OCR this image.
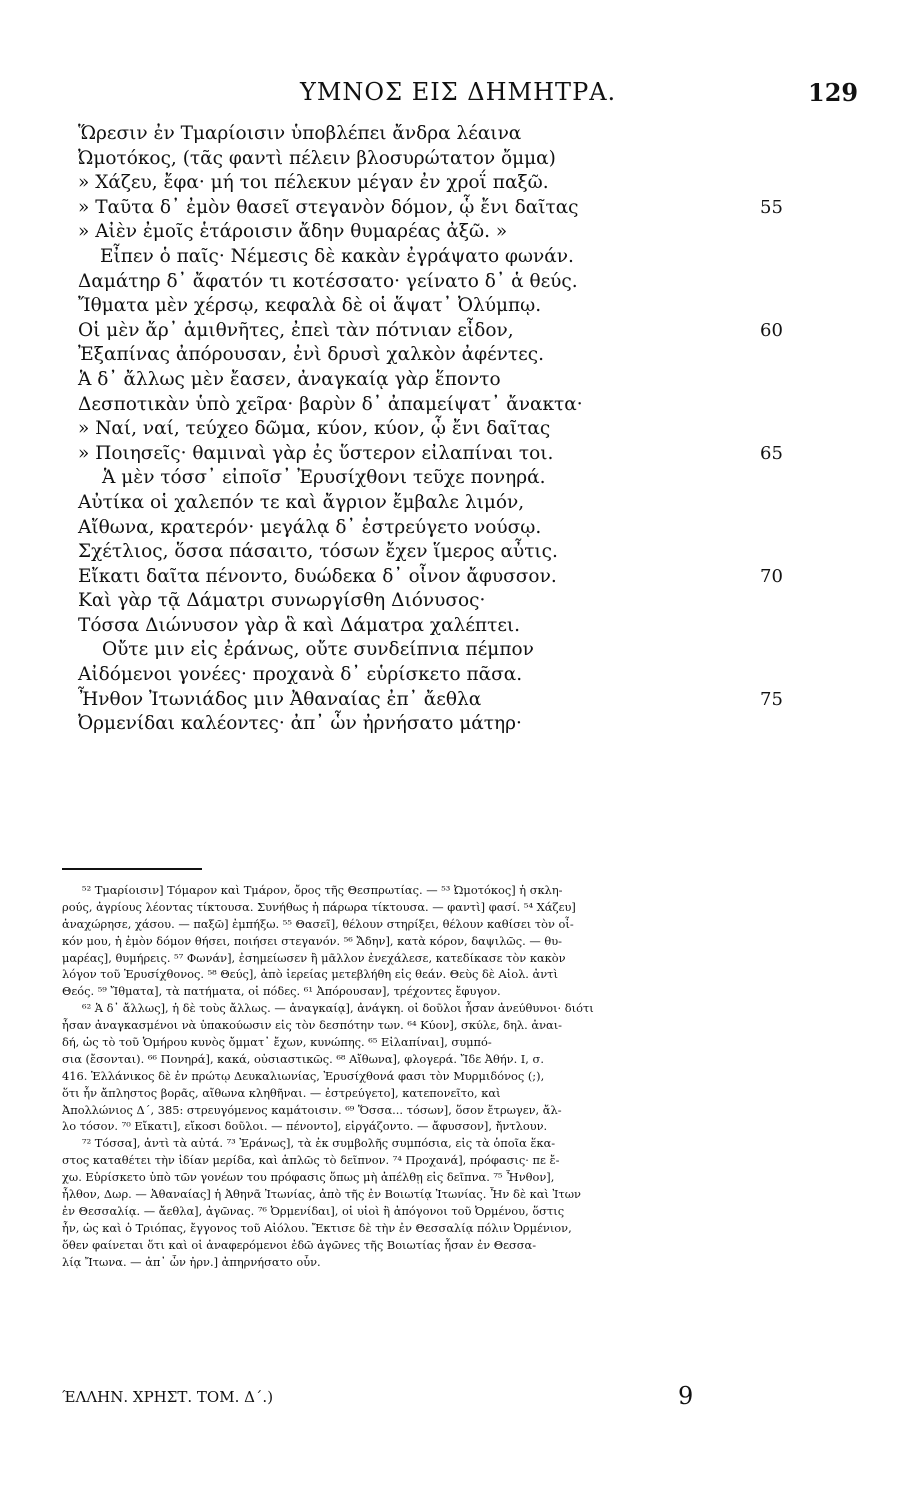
ΥΜΝΟΣ ΕΙΣ ΔΗΜΗΤΡΑ.	129
Ὥρεσιν ἐν Τμαρίοισιν ὑποβλέπει ἄνδρα λέαινα
Ὠμοτόκος, (τᾶς φαντὶ πέλειν βλοσυρώτατον ὄμμα)
» Χάζευ, ἔφα· μή τοι πέλεκυν μέγαν ἐν χροΐ παξῶ.
» Ταῦτα δ᾽ ἐμὸν θασεῖ στεγανὸν δόμον, ᾧ ἔνι δαῖτας	55
» Αἰὲν ἐμοῖς ἑτάροισιν ἄδην θυμαρέας ἀξῶ. »
Εἶπεν ὁ παῖς· Νέμεσις δὲ κακὰν ἐγράψατο φωνάν.
Δαμάτηρ δ᾽ ἄφατόν τι κοτέσσατο· γείνατο δ᾽ ἁ θεύς.
Ἴθματα μὲν χέρσῳ, κεφαλὰ δὲ οἱ ἅψατ᾽ Ὀλύμπῳ.
Οἱ μὲν ἄρ᾽ ἀμιθνῆτες, ἐπεὶ τὰν πότνιαν εἶδον,	60
Ἐξαπίνας ἀπόρουσαν, ἐνὶ δρυσὶ χαλκὸν ἀφέντες.
Ἁ δ᾽ ἄλλως μὲν ἔασεν, ἀναγκαίᾳ γὰρ ἕποντο
Δεσποτικὰν ὑπὸ χεῖρα· βαρὺν δ᾽ ἀπαμείψατ᾽ ἄνακτα·
» Ναί, ναί, τεύχεο δῶμα, κύον, κύον, ᾧ ἔνι δαῖτας
» Ποιησεῖς· θαμιναὶ γὰρ ἐς ὕστερον εἰλαπίναι τοι.	65
Ἁ μὲν τόσσ᾽ εἰποῖσ᾽ Ἐρυσίχθονι τεῦχε πονηρά.
Αὐτίκα οἱ χαλεπόν τε καὶ ἄγριον ἔμβαλε λιμόν,
Αἴθωνα, κρατερόν· μεγάλᾳ δ᾽ ἐστρεύγετο νούσῳ.
Σχέτλιος, ὅσσα πάσαιτο, τόσων ἔχεν ἵμερος αὖτις.
Εἴκατι δαῖτα πένοντο, δυώδεκα δ᾽ οἶνον ἄφυσσον.	70
Καὶ γὰρ τᾷ Δάματρι συνωργίσθη Διόνυσος·
Τόσσα Διώνυσον γὰρ ἃ καὶ Δάματρα χαλέπτει.
Οὔτε μιν εἰς ἐράνως, οὔτε συνδείπνια πέμπον
Αἰδόμενοι γονέες· προχανὰ δ᾽ εὑρίσκετο πᾶσα.
Ἦνθον Ἰτωνιάδος μιν Ἀθαναίας ἐπ᾽ ἄεθλα	75
Ὀρμενίδαι καλέοντες· ἀπ᾽ ὧν ἠρνήσατο μάτηρ·
⁵² Τμαρίοισιν] Τόμαρον καὶ Τμάρον, ὄρος τῆς Θεσπρωτίας. — ⁵³ Ὠμοτόκος] ἡ σκλη-
ρούς, ἀγρίους λέοντας τίκτουσα. Συνήθως ἡ πάρωρα τίκτουσα. — φαντὶ] φασί. ⁵⁴ Χάζευ]
ἀναχώρησε, χάσου. — παξῶ] ἐμπήξω. ⁵⁵ Θασεῖ], θέλουν στηρίξει, θέλουν καθίσει τὸν οἶ-
κόν μου, ἡ ἐμὸν δόμον θήσει, ποιήσει στεγανόν. ⁵⁶ Ἄδην], κατὰ κόρον, δαψιλῶς. — θυ-
μαρέας], θυμήρεις. ⁵⁷ Φωνάν], ἐσημείωσεν ἢ μᾶλλον ἐνεχάλεσε, κατεδίκασε τὸν κακὸν
λόγον τοῦ Ἐρυσίχθονος. ⁵⁸ Θεύς], ἀπὸ ἱερείας μετεβλήθη εἰς θεάν. Θεὺς δὲ Αἰολ. ἀντὶ
Θεός. ⁵⁹ Ἴθματα], τὰ πατήματα, οἱ πόδες. ⁶¹ Ἀπόρουσαν], τρέχοντες ἔφυγον.
⁶² Ἁ δ᾽ ἄλλως], ἡ δὲ τοὺς ἄλλως. — ἀναγκαίᾳ], ἀνάγκη. οἱ δοῦλοι ἦσαν ἀνεύθυνοι· διότι
ἦσαν ἀναγκασμένοι νὰ ὑπακούωσιν εἰς τὸν δεσπότην των. ⁶⁴ Κύον], σκύλε, δηλ. ἀναι-
δή, ὡς τὸ τοῦ Ὁμήρου κυνὸς ὄμματ᾽ ἔχων, κυνώπης. ⁶⁵ Εἰλαπίναι], συμπό-
σια (ἔσονται). ⁶⁶ Πονηρά], κακά, οὐσιαστικῶς. ⁶⁸ Αἴθωνα], φλογερά. Ἴδε Ἀθήν. Ι, σ.
416. Ἑλλάνικος δὲ ἐν πρώτῳ Δευκαλιωνίας, Ἐρυσίχθονά φασι τὸν Μυρμιδόνος (;),
ὅτι ἦν ἄπληστος βορᾶς, αἴθωνα κληθῆναι. — ἐστρεύγετο], κατεπονεῖτο, καὶ
Ἀπολλώνιος Δ΄, 385: στρευγόμενος καμάτοισιν. ⁶⁹ Ὅσσα... τόσων], ὅσον ἔτρωγεν, ἄλ-
λο τόσον. ⁷⁰ Εἴκατι], εἴκοσι δοῦλοι. — πένοντο], εἰργάζοντο. — ἄφυσσον], ἤντλουν.
⁷² Τόσσα], ἀντὶ τὰ αὐτά. ⁷³ Ἐράνως], τὰ ἐκ συμβολῆς συμπόσια, εἰς τὰ ὁποῖα ἕκα-
στος καταθέτει τὴν ἰδίαν μερίδα, καὶ ἁπλῶς τὸ δεῖπνον. ⁷⁴ Προχανά], πρόφασις· πε ἔ-
χω. Εὑρίσκετο ὑπὸ τῶν γονέων του πρόφασις ὅπως μὴ ἀπέλθῃ εἰς δεῖπνα. ⁷⁵ Ἦνθον],
ἦλθον, Δωρ. — Ἀθαναίας] ἡ Ἀθηνᾶ Ἰτωνίας, ἀπὸ τῆς ἐν Βοιωτίᾳ Ἰτωνίας. Ἦν δὲ καὶ Ἰτων
ἐν Θεσσαλίᾳ. — ἄεθλα], ἀγῶνας. ⁷⁶ Ὀρμενίδαι], οἱ υἱοὶ ἢ ἀπόγονοι τοῦ Ὀρμένου, ὅστις
ἦν, ὡς καὶ ὁ Τριόπας, ἔγγονος τοῦ Αἰόλου. Ἔκτισε δὲ τὴν ἐν Θεσσαλίᾳ πόλιν Ὀρμένιον,
ὅθεν φαίνεται ὅτι καὶ οἱ ἀναφερόμενοι ἐδῶ ἀγῶνες τῆς Βοιωτίας ἦσαν ἐν Θεσσα-
λίᾳ Ἴτωνα. — ἀπ᾽ ὧν ἠρν.] ἀπηρνήσατο οὖν.
ΈΛΛΗΝ. ΧΡΗΣΤ. ΤΟΜ. Δ΄.)	9
